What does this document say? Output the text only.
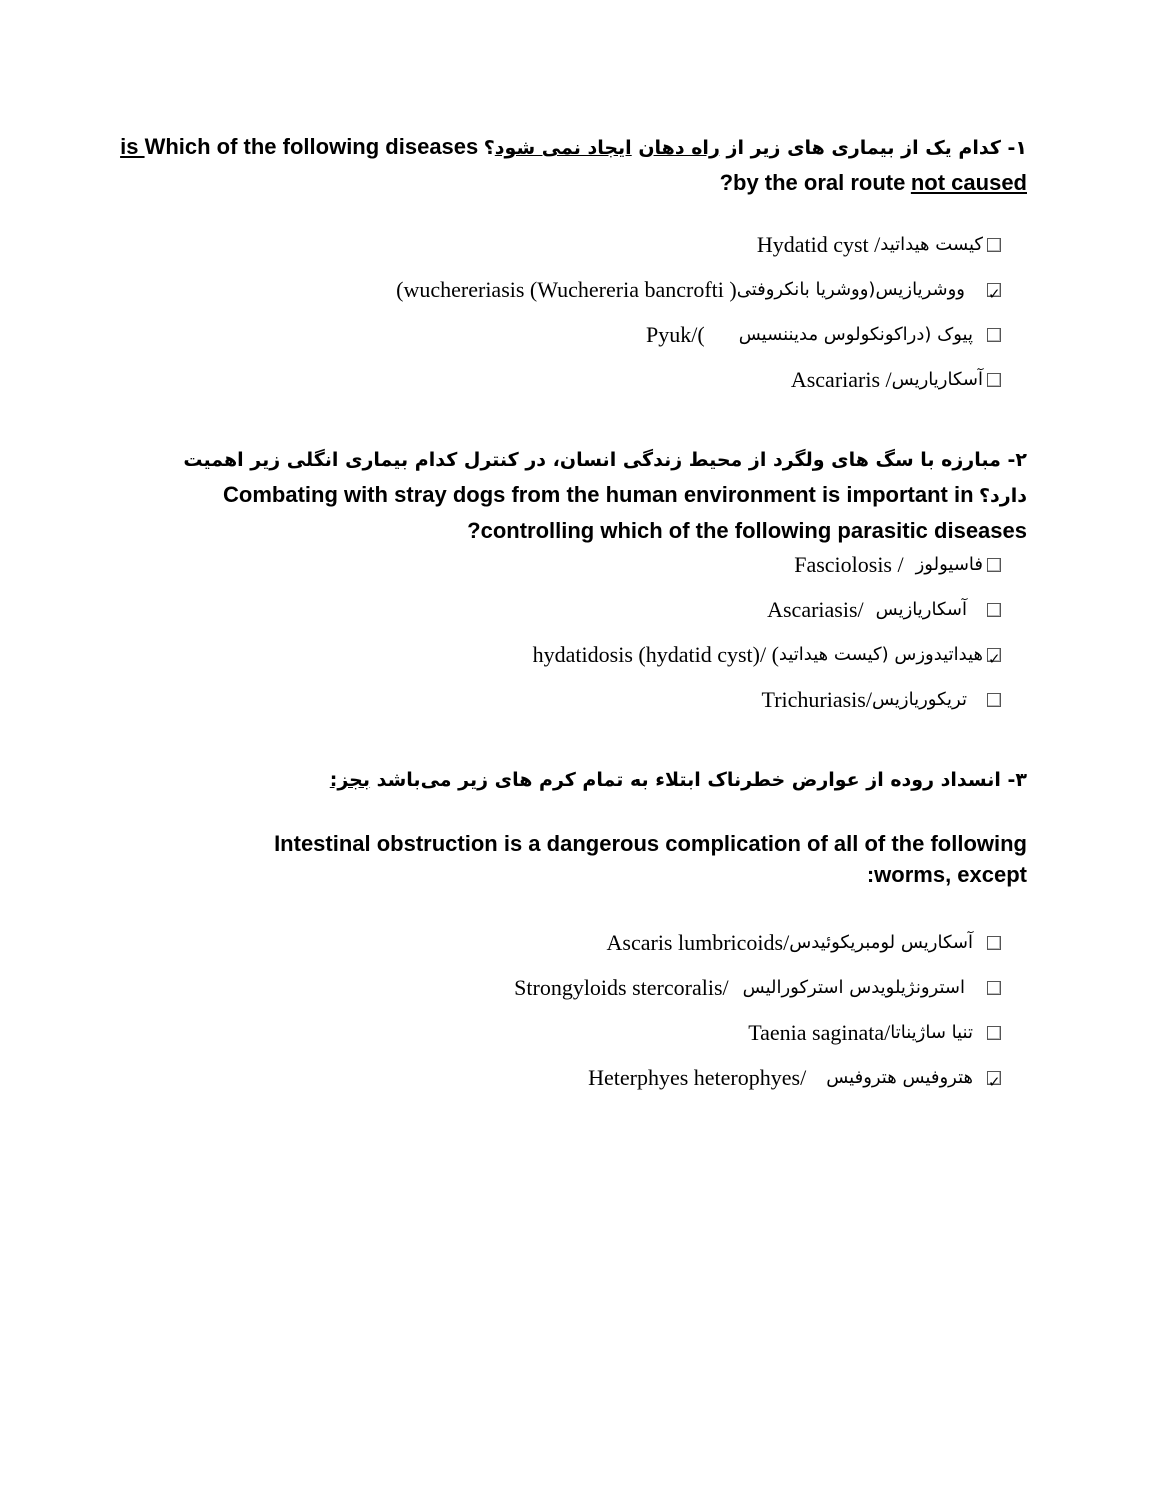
is Which of the following diseases	۱- کدام یک از بیماری های زیر از راه دهان ایجاد نمی شود؟
?by the oral route not caused
Hydatid cyst / کیست هیداتید
(wuchereriasis (Wuchereria bancrofti ) ووشریازیس(ووشریا بانکروفتی
✓
Pyuk/( پیوک (دراکونکولوس مدیننسیس
Ascariaris / آسکاریاریس
۲- مبارزه با سگ های ولگرد از محیط زندگی انسان، در کنترل کدام بیماری انگلی زیر اهمیت
Combating with stray dogs from the human environment is important in دارد؟
?controlling which of the following parasitic diseases
Fasciolosis / فاسیولوز
Ascariasis/ آسکاریازیس
hydatidosis (hydatid cyst)/ ( هیداتیدوزس (کیست هیداتید
✓
Trichuriasis/ تریکوریازیس
۳- انسداد روده از عوارض خطرناک ابتلاء به تمام کرم های زیر می‌باشد بجز:
Intestinal obstruction is a dangerous complication of all of the following
:worms, except
Ascaris lumbricoids/ آسکاریس لومبریکوئیدس
Strongyloids stercoralis/ استرونژیلویدس استرکورالیس
Taenia saginata/ تنیا ساژیناتا
Heterphyes heterophyes/ هتروفیس هتروفیس
✓
